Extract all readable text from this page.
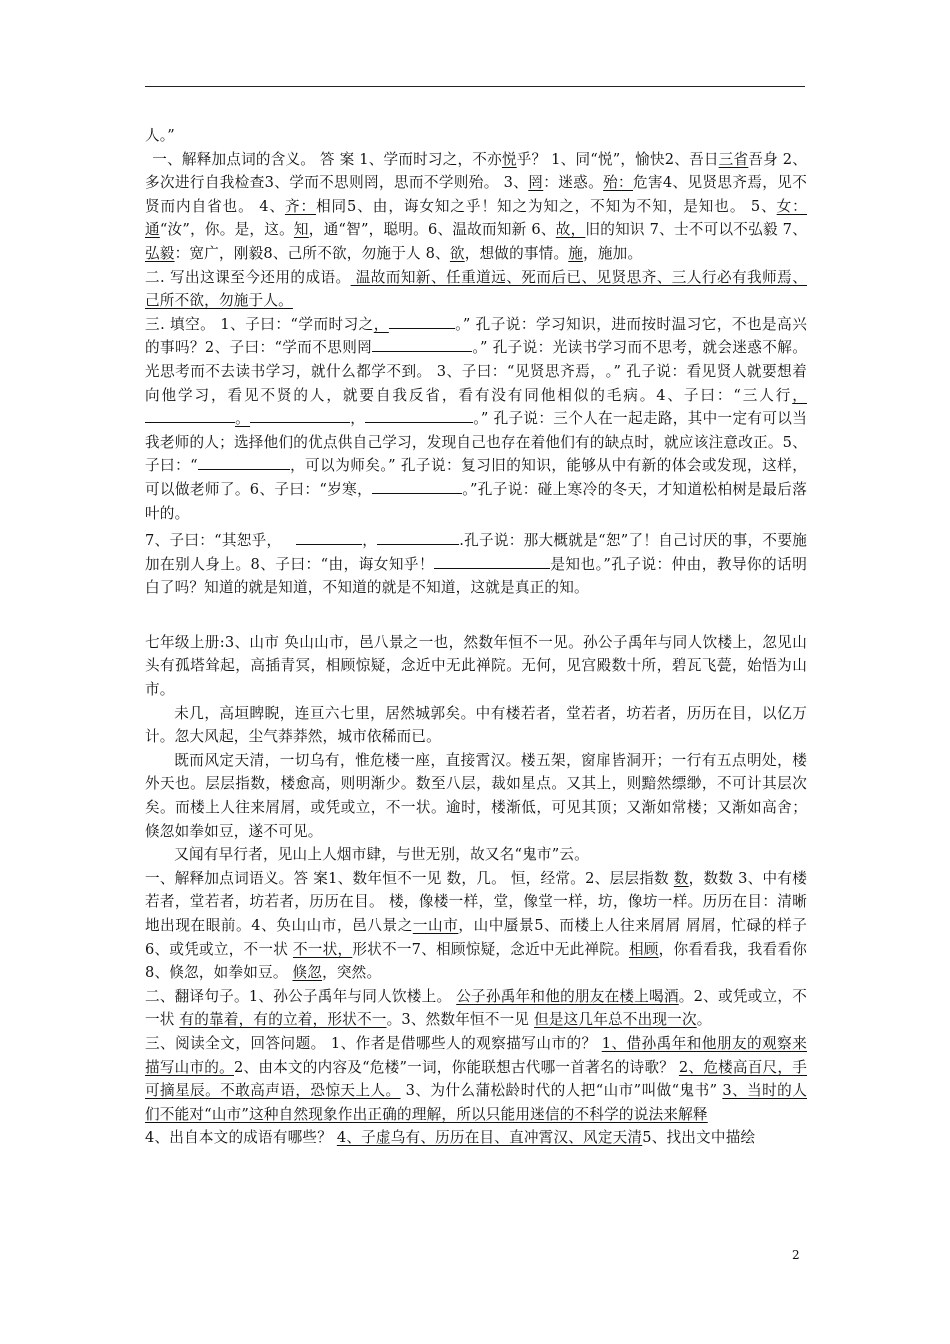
人。”

一、解释加点词的含义。 答 案 1、学而时习之，不亦悦乎？ 1、同“悦”，愉快2、吾日三省吾身 2、多次进行自我检查3、学而不思则罔，思而不学则殆。 3、罔：迷惑。殆：危害4、见贤思齐焉，见不贤而内自省也。 4、齐：相同5、由，诲女知之乎！知之为知之，不知为不知，是知也。 5、女：通“汝”，你。是，这。知，通“智”，聪明。6、温故而知新 6、故，旧的知识 7、士不可以不弘毅 7、弘毅：宽广，刚毅8、己所不欲，勿施于人 8、欲，想做的事情。施，施加。

二. 写出这课至今还用的成语。 温故而知新、任重道远、死而后已、见贤思齐、三人行必有我师焉、己所不欲，勿施于人。

三. 填空。 1、子曰：“学而时习之，	。” 孔子说：学习知识，进而按时温习它，不也是高兴的事吗？2、子曰：“学而不思则罔	。” 孔子说：光读书学习而不思考，就会迷惑不解。光思考而不去读书学习，就什么都学不到。 3、子曰：“见贤思齐焉，。” 孔子说：看见贤人就要想着向他学习，看见不贤的人，就要自我反省，看有没有同他相似的毛病。4、子曰：“三人行，。	，	。” 孔子说：三个人在一起走路，其中一定有可以当我老师的人；选择他们的优点供自己学习，发现自己也存在着他们有的缺点时，就应该注意改正。5、子曰：“	，可以为师矣。” 孔子说：复习旧的知识，能够从中有新的体会或发现，这样，可以做老师了。6、子曰：“岁寒，	。”孔子说：碰上寒冷的冬天，才知道松柏树是最后落叶的。

7、子曰：“其恕乎，	，	.孔子说：那大概就是“恕”了！自己讨厌的事，不要施加在别人身上。8、子曰：“由，诲女知乎！	是知也。”孔子说：仲由，教导你的话明白了吗？知道的就是知道，不知道的就是不知道，这就是真正的知。

七年级上册:3、山市 奂山山市，邑八景之一也，然数年恒不一见。孙公子禹年与同人饮楼上，忽见山头有孤塔耸起，高插青冥，相顾惊疑，念近中无此禅院。无何，见宫殿数十所，碧瓦飞甍，始悟为山市。

未几，高垣睥睨，连亘六七里，居然城郭矣。中有楼若者，堂若者，坊若者，历历在目，以亿万计。忽大风起，尘气莽莽然，城市依稀而已。

既而风定天清，一切乌有，惟危楼一座，直接霄汉。楼五架，窗扉皆洞开；一行有五点明处，楼外天也。层层指数，楼愈高，则明渐少。数至八层，裁如星点。又其上，则黯然缥缈，不可计其层次矣。而楼上人往来屑屑，或凭或立，不一状。逾时，楼渐低，可见其顶；又渐如常楼；又渐如高舍；倏忽如拳如豆，遂不可见。

又闻有早行者，见山上人烟市肆，与世无别，故又名“鬼市”云。

一、解释加点词语义。答 案1、数年恒不一见 数，几。 恒，经常。2、层层指数 数，数数 3、中有楼若者，堂若者，坊若者，历历在目。 楼，像楼一样，堂，像堂一样，坊，像坊一样。历历在目：清晰地出现在眼前。4、奂山山市，邑八景之一山市，山中蜃景5、而楼上人往来屑屑 屑屑，忙碌的样子6、或凭或立，不一状 不一状，形状不一7、相顾惊疑，念近中无此禅院。相顾，你看看我，我看看你 8、倏忽，如拳如豆。 倏忽，突然。

二、翻译句子。1、孙公子禹年与同人饮楼上。 公子孙禹年和他的朋友在楼上喝酒。2、或凭或立，不一状 有的靠着，有的立着，形状不一。3、然数年恒不一见 但是这几年总不出现一次。

三、阅读全文，回答问题。 1、作者是借哪些人的观察描写山市的？ 1、借孙禹年和他朋友的观察来描写山市的。2、由本文的内容及“危楼”一词，你能联想古代哪一首著名的诗歌？ 2、危楼高百尺，手可摘星辰。不敢高声语，恐惊天上人。 3、为什么蒲松龄时代的人把“山市”叫做“鬼书” 3、当时的人们不能对“山市”这种自然现象作出正确的理解，所以只能用迷信的不科学的说法来解释

4、出自本文的成语有哪些？ 4、子虚乌有、历历在目、直冲霄汉、风定天清5、找出文中描绘

2
